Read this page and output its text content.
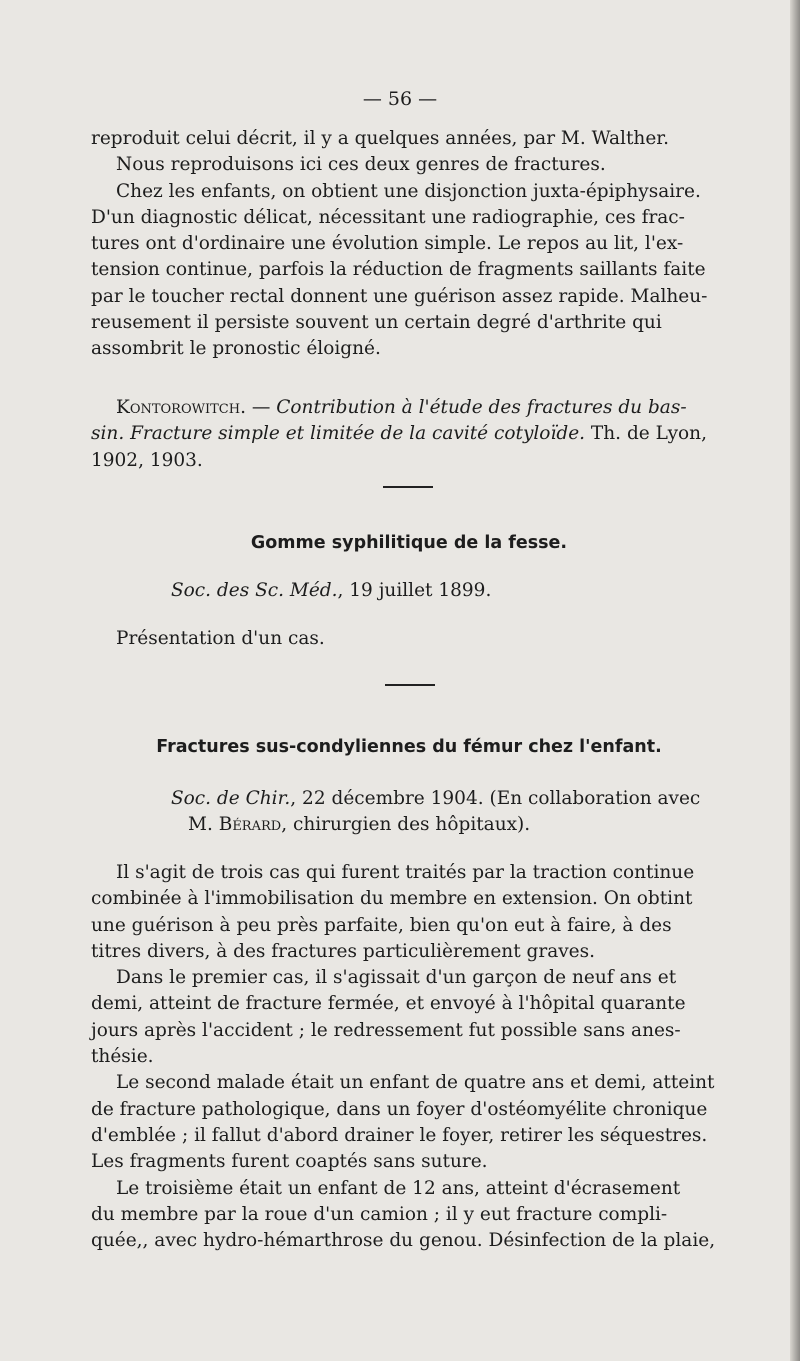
— 56 —

reproduit celui décrit, il y a quelques années, par M. Walther.

Nous reproduisons ici ces deux genres de fractures.

Chez les enfants, on obtient une disjonction juxta-épiphysaire.

D'un diagnostic délicat, nécessitant une radiographie, ces frac-

tures ont d'ordinaire une évolution simple. Le repos au lit, l'ex-

tension continue, parfois la réduction de fragments saillants faite

par le toucher rectal donnent une guérison assez rapide. Malheu-

reusement il persiste souvent un certain degré d'arthrite qui

assombrit le pronostic éloigné.

Kontorowitch. — Contribution à l'étude des fractures du bas-

sin. Fracture simple et limitée de la cavité cotyloïde. Th. de Lyon,

1902, 1903.

Gomme syphilitique de la fesse.

Soc. des Sc. Méd., 19 juillet 1899.

Présentation d'un cas.

Fractures sus-condyliennes du fémur chez l'enfant.

Soc. de Chir., 22 décembre 1904. (En collaboration avec

M. Bérard, chirurgien des hôpitaux).

Il s'agit de trois cas qui furent traités par la traction continue

combinée à l'immobilisation du membre en extension. On obtint

une guérison à peu près parfaite, bien qu'on eut à faire, à des

titres divers, à des fractures particulièrement graves.

Dans le premier cas, il s'agissait d'un garçon de neuf ans et

demi, atteint de fracture fermée, et envoyé à l'hôpital quarante

jours après l'accident ; le redressement fut possible sans anes-

thésie.

Le second malade était un enfant de quatre ans et demi, atteint

de fracture pathologique, dans un foyer d'ostéomyélite chronique

d'emblée ; il fallut d'abord drainer le foyer, retirer les séquestres.

Les fragments furent coaptés sans suture.

Le troisième était un enfant de 12 ans, atteint d'écrasement

du membre par la roue d'un camion ; il y eut fracture compli-

quée,, avec hydro-hémarthrose du genou. Désinfection de la plaie,
